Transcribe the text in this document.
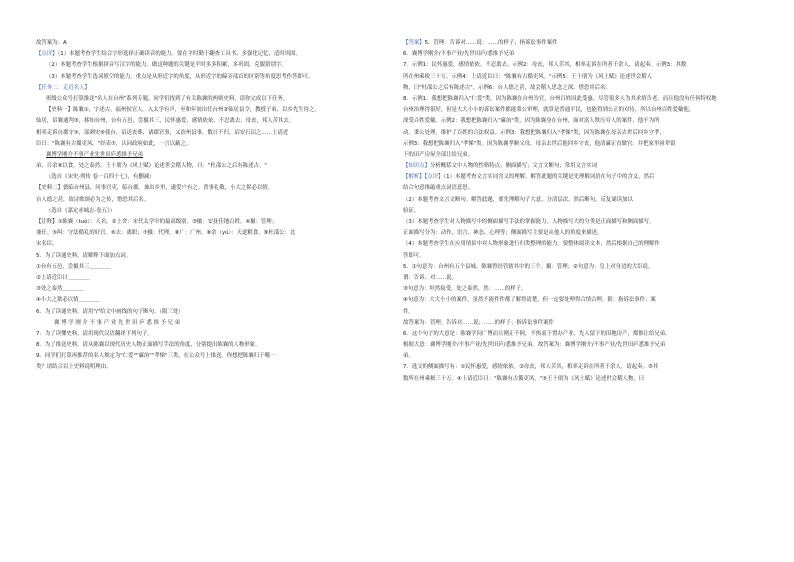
故答案为：A
【点评】（1）本题考查学生结合字形选择正确读音的能力。要在平时勤于翻查工具书，多强化记忆，适时巩固。
（2）本题考查学生根据拼音写汉字的能力。做这种题的关键是平时多多积累，多巩固，克服错别字。
（3）本题考查学生选词填空的能力。重点是从形近字的角度，从形近字的偏旁部首的区别等角度思考作答即可。
【任务二：走近名人】
班级公众号打算推送"名人在台州"系列专题，同学们找到了有关陈襄的两则史料，请你完成以下任务。
【史料一】陈襄①，字述古，福州侯官人。入太学有声，至和年间出任台州②仙居县令，教授子弟，以乡先生待之。
仙居，诏襄通判③，移知台州，台有五邑，尝摄其三，民怀惠爱，感情依依，不忍离去。母丧，邦人苦其去。
相率走诉台郡守⑤，部刺史⑥使台，诏送丧葬，诸郡官事，又治州县事，数日不归，诏安石诏之……上请近
臣曰："陈襄有古循吏风。"经表⑦，认同政府如此，一言以蔽之。
襄博学刚介不事产业先世田庐悉推予兄弟
弟，日余⑧以食，处之泰然。王十朋为《风土赋》论述世会稽人物，曰："杜邵公之后有陈述古。"
（选自《宋史·列传 卷一百四十七》，有删减）
【史料二】德临台州县，问事官吏，临台郡。兼出乡里，遂爱户有之。普事礼敬，小大之狱必以情。
台人德之甚，故诗歌颂必为之传，惜恐其后名。
（选自《嘉定赤城志·卷五》）
【注释】①陈襄（tuò）：人名。②上舍：宋代太学中的最高级别。③摄：安抚佳地百姓。④摄：管理；
兼任。⑤纠：守法循礼的好官。⑥去：离职；⑦摄：代理。⑧广：广州。⑧余（yú）：天道粮食。⑨杜邵公：北
宋名臣。
5．为了读通史料，请解释下面加点词。
①台有五邑，尝摄其三＿＿＿＿
②上请近臣曰＿＿＿＿
③处之泰然＿＿＿＿
④小大之狱必以情＿＿＿＿
6．为了读通史料，请用"/"给文中画线的句子断句。（限三处）
襄 博 学 刚 介 不 事 产 业 先 世 田 庐 悉 推 予 兄 弟
7．为了读懂史料，请用现代汉语翻译下列句子。
8．为了推送史料，请从陈襄以现代历史人物正面描写手法的角度，分别提出陈襄的人物形象。
9．同学们打算再推荐的名人规定为"仁爱""廉治""孝悌"三类，在公众号上推送。你想把陈襄归于哪一
类？请结合以上史料说明理由。
【答案】5．管理：告诉对……说：……的样子；指诉讼事件案件
6．襄博学刚介/不事产业/先世田庐/悉推予兄弟
7．示例1：民怀惠爱，感情依依，不忍离去。示例2：母丧，邦人苦其，相率走诉在所者千余人，请起奏。示例3：其数
所在州乘税三十万。示例4：上请近臣曰："陈襄有古循吏风。"示例5：王十朋为《风土赋》论述世会稽人
物，曰"杜邵公之后有陈述古"。示例6：台人德之甚，故会稽人思念之深，惜恐其后名。
8．示例1：我想把陈襄归入"仁爱"类。因为陈襄在台州为官，台州百姓因此受惠。尽管很多人为其求情告老，而且他没有任何特权地
台州治理得很好，但是大大小小的诉讼案件都能秉公审理，就算是普通平民，也能得到公正的对待。所以台州百姓爱戴他，
深受百姓爱戴。示例2：我想把陈襄归入"廉治"类，因为陈襄身在台州，面对富人欺压穷人的案件，他不为所
动，秉公处理，维护了百姓的合法权益。示例3：我想把陈襄归入"孝悌"类，因为陈襄在母亲去世后回乡守孝，
示例3：我想把陈襄归入"孝悌"类。因为陈襄孝顺父母，母亲去世后他回乡守丧，他清廉正直做官：并把家里祖辈留
下的田产房屋全部让给兄弟。
【知识点】分析概括文中人物的性格特点；侧面描写；文言文断句；常用文言实词
【解析】【点评】（1）本题考查文言实词含义的理解。解答此题的关键是先理解词语在句子中的含义，然后
结合句意推敲重点词语意思。
（2）本题考查文言文断句。解答此题，要先理解句子大意，分清层次，然后断句，反复诵读加以
验证。
（3）本题考查学生对人物描写中的侧面描写手法的掌握能力。人物描写大的分类是正面描写和侧面描写。
正面描写分为：动作、语言、神态、心理等；侧面描写主要是从他人的角度来描述。
（4）本题考查学生在应用情景中对人物形象进行归类整理的能力。要整体阅读文本，然后根据自己的理解作
答即可。
5．①句意为：台州有五个县城，陈襄曾经管辖其中的三个。摄：管理；②句意为：皇上对身边的大臣说。
谓：告诉；对……说。
③句意为：坦然接受，处之泰然。然：……的样子。
④句意为：大大小小的案件，虽然不能件件都了解得清楚，但一定要处理得合情合理。狱：指诉讼事件；案
件。
故答案为：管理；告诉对……说；……的样子；指诉讼事件案件
6．这个句子的大意是：陈襄学问广博而且刚正不阿，不热衷于置办产业，先人留下的田地房产，都推让给兄弟。
根据大意：襄博学刚介/不事产业/先世田庐/悉推予兄弟。故答案为：襄博学刚介/不事产业/先世田庐悉推予兄弟
弟。
7．选文的侧面描写有：①民怀惠爱，感情依依。②母丧，邦人苦其，相率走诉在所者千余人，请起奏。③其
数所在州乘税三十万。④上请近臣曰："陈襄有古循吏风。"⑤王十朋为《风土赋》论述世会稽人物，曰
